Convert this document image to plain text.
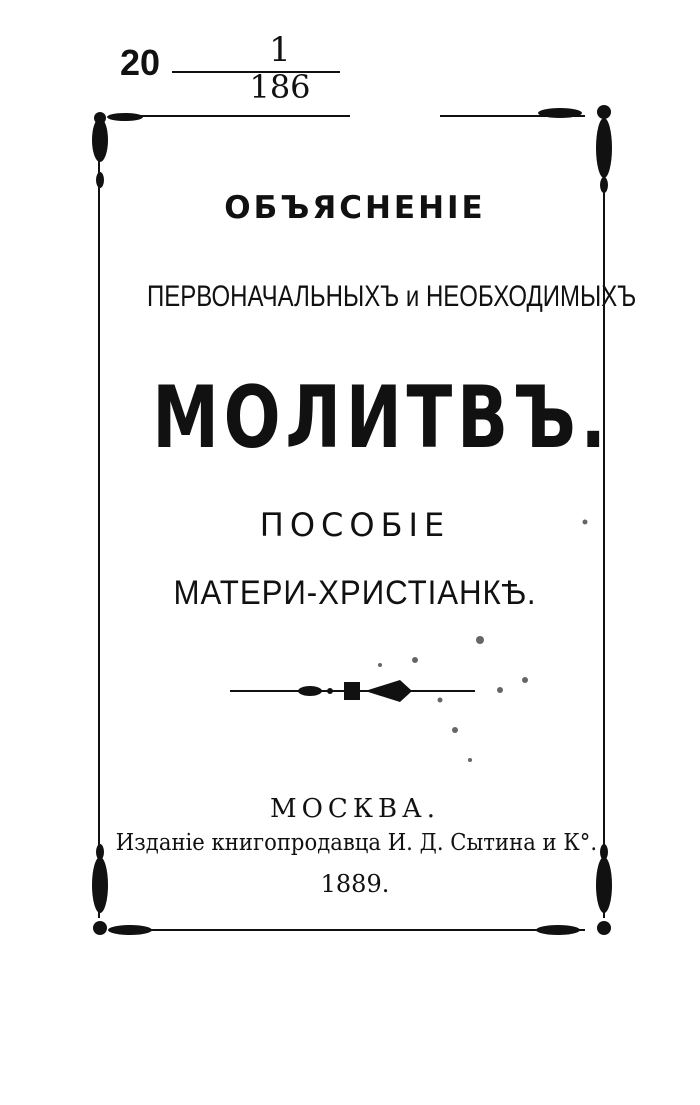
20	1
186
ОБЪЯСНЕНІЕ
ПЕРВОНАЧАЛЬНЫХЪ и НЕОБХОДИМЫХЪ
МОЛИТВЪ.
ПОСОБІЕ
МАТЕРИ-ХРИСТІАНКѢ.
МОСКВА.
Изданіе книгопродавца И. Д. Сытина и К°.
1889.
